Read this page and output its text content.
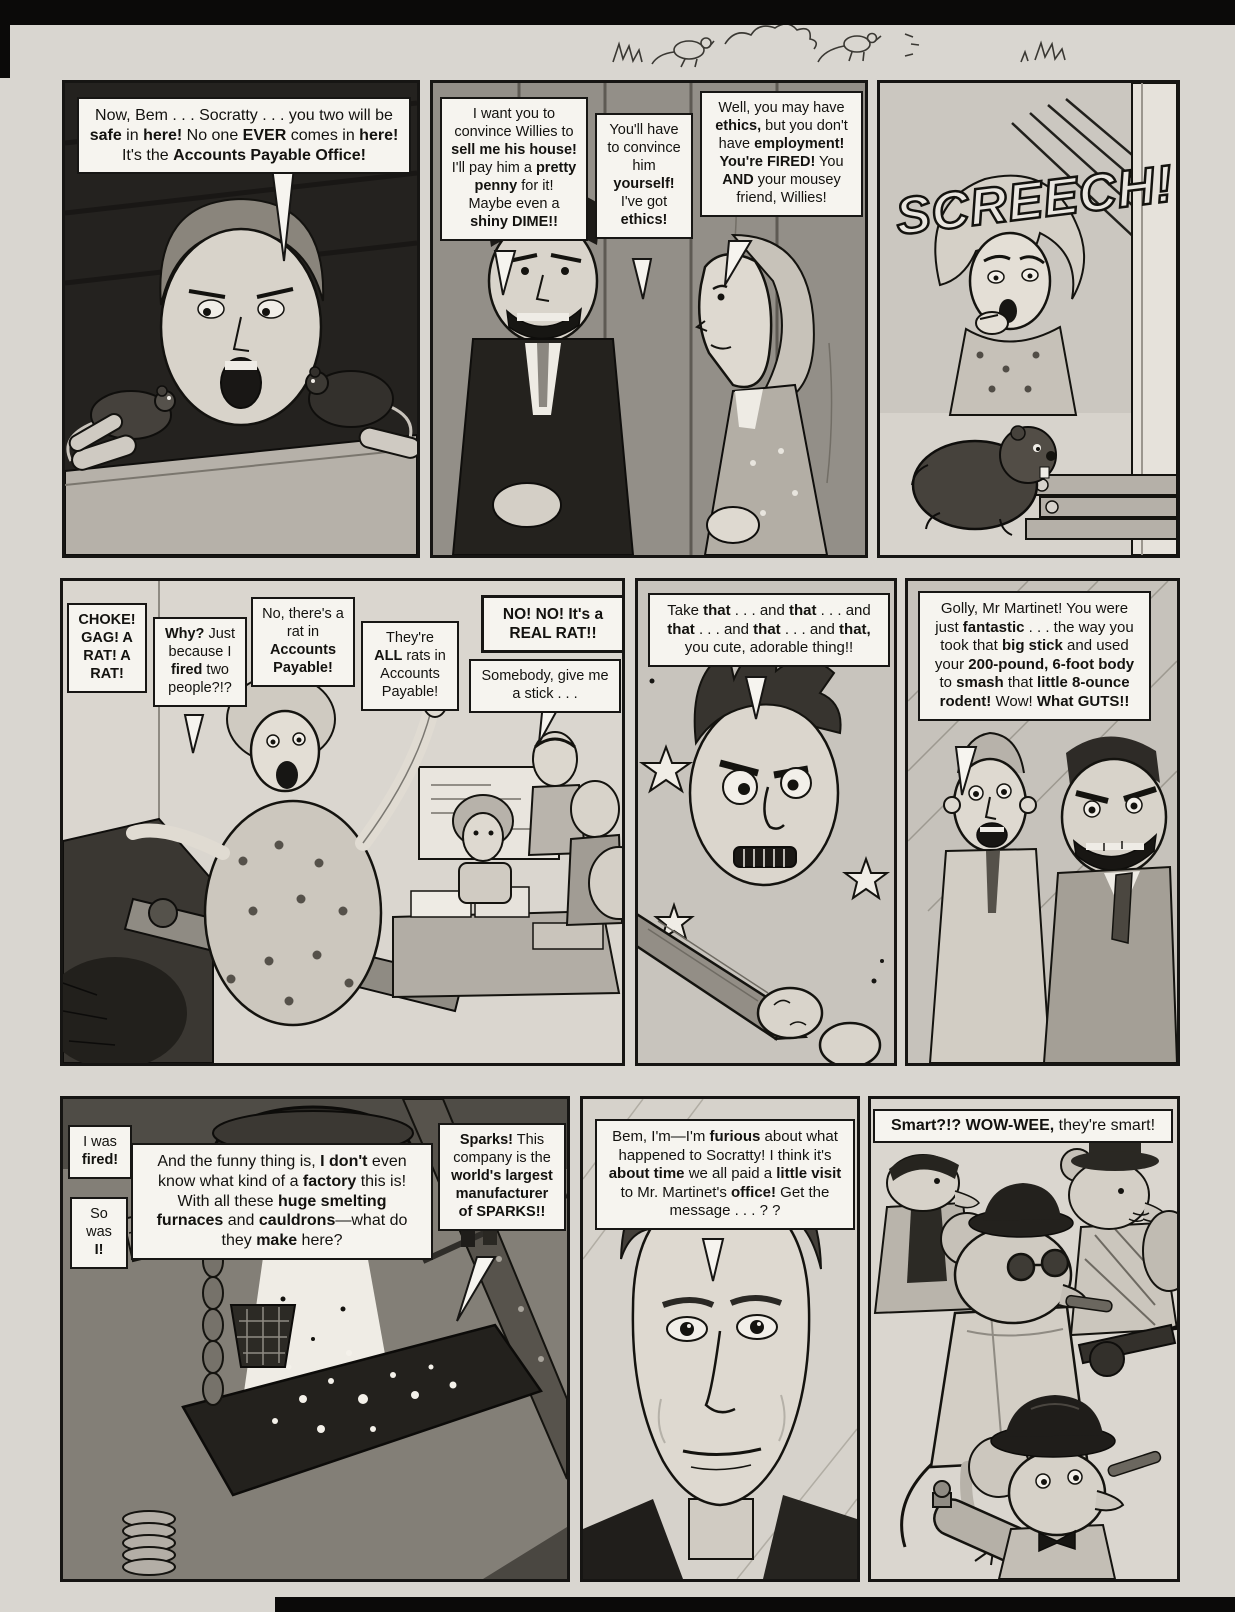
Now, Bem . . . Socratty . . . you two will be safe in here! No one EVER comes in here! It's the Accounts Payable Office!
I want you to convince Willies to sell me his house! I'll pay him a pretty penny for it! Maybe even a shiny DIME!!
You'll have to convince him yourself! I've got ethics!
Well, you may have ethics, but you don't have employment! You're FIRED! You AND your mousey friend, Willies!	SCREECH!
CHOKE! GAG! A RAT! A RAT!
Why? Just because I fired two people?!?
No, there's a rat in Accounts Payable!
They're ALL rats in Accounts Payable!
NO! NO! It's a REAL RAT!!
Somebody, give me a stick . . .
Take that . . . and that . . . and that . . . and that . . . and that, you cute, adorable thing!!
Golly, Mr Martinet! You were just fantastic . . . the way you took that big stick and used your 200-pound, 6-foot body to smash that little 8-ounce rodent! Wow! What GUTS!!
I was fired!
So was I!
And the funny thing is, I don't even know what kind of a factory this is! With all these huge smelting furnaces and cauldrons—what do they make here?
Sparks! This company is the world's largest manufacturer of SPARKS!!
Bem, I'm—I'm furious about what happened to Socratty! I think it's about time we all paid a little visit to Mr. Martinet's office! Get the message . . . ? ?
Smart?!? WOW-WEE, they're smart!
